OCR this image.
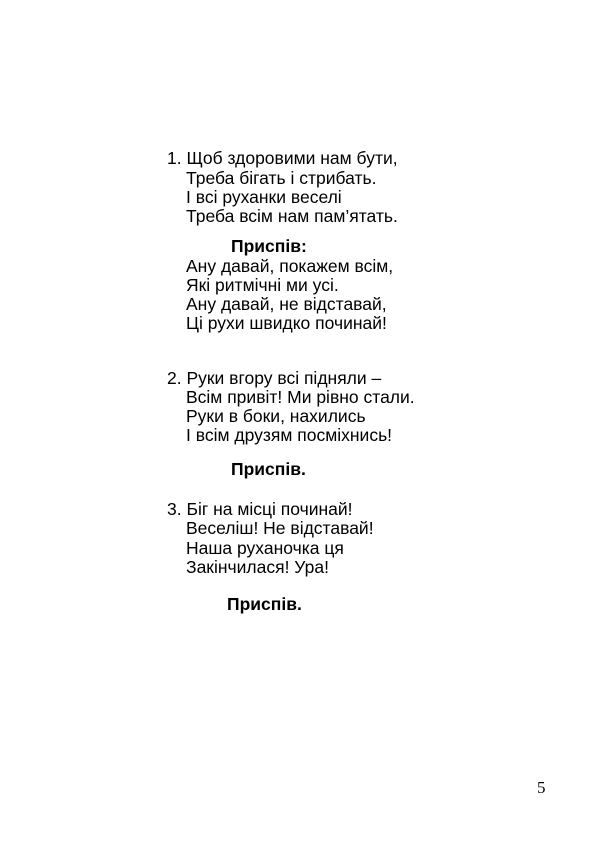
1. Щоб здоровими нам бути,
Треба бігать і стрибать.
І всі руханки веселі
Треба всім нам пам’ятать.
Приспів:
Ану давай, покажем всім,
Які ритмічні ми усі.
Ану давай, не відставай,
Ці рухи швидко починай!
2. Руки вгору всі підняли –
Всім привіт! Ми рівно стали.
Руки в боки, нахились
І всім друзям посміхнись!
Приспів.
3. Біг на місці починай!
Веселіш! Не відставай!
Наша руханочка ця
Закінчилася! Ура!
Приспів.
5
